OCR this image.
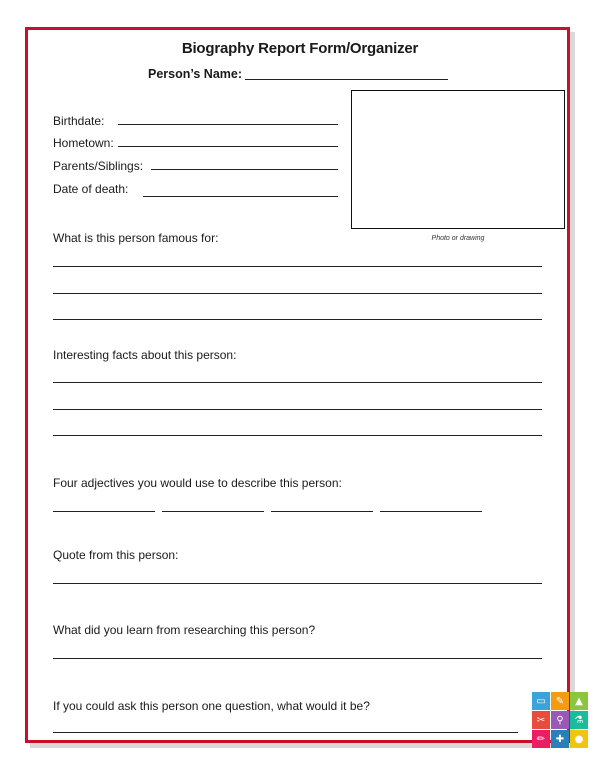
Biography Report Form/Organizer
Person’s Name:
Birthdate:
Hometown:
Parents/Siblings:
Date of death:
Photo or drawing
What is this person famous for:
Interesting facts about this person:
Four adjectives you would use to describe this person:
Quote from this person:
What did you learn from researching this person?
If you could ask this person one question, what would it be?	▭	✎	▲
✂	⚲	⚗
✏	✚	●
